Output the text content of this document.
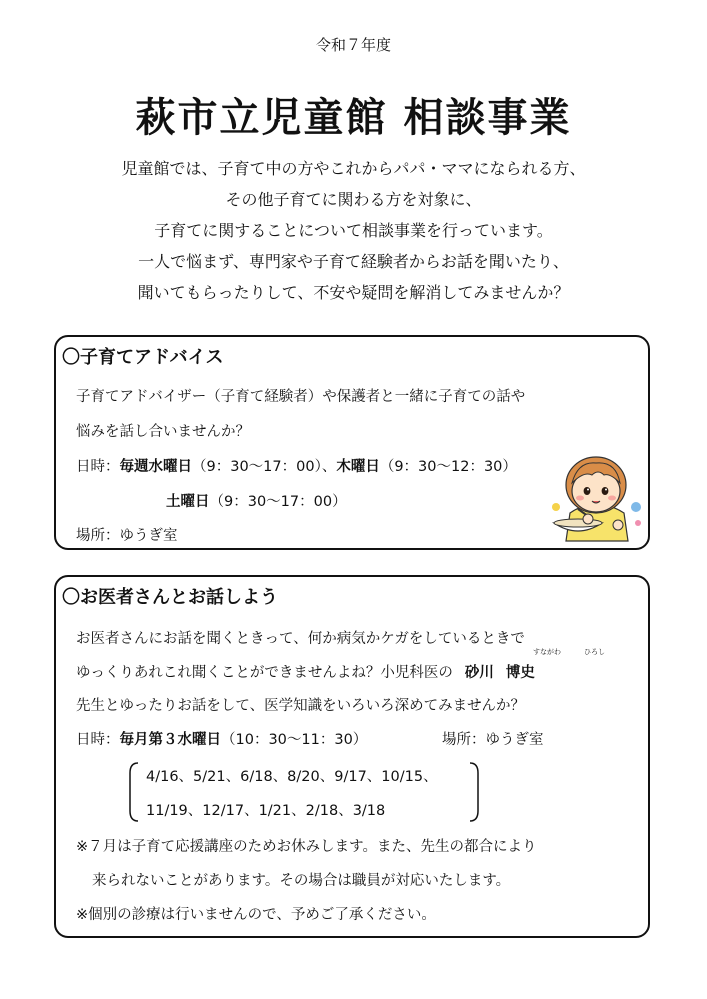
令和７年度
萩市立児童館 相談事業
児童館では、子育て中の方やこれからパパ・ママになられる方、
その他子育てに関わる方を対象に、
子育てに関することについて相談事業を行っています。
一人で悩まず、専門家や子育て経験者からお話を聞いたり、
聞いてもらったりして、不安や疑問を解消してみませんか？
〇子育てアドバイス
子育てアドバイザー（子育て経験者）や保護者と一緒に子育ての話や
悩みを話し合いませんか？
日時：毎週水曜日（9：30〜17：00）、木曜日（9：30〜12：30）
土曜日（9：30〜17：00）
場所：ゆうぎ室
〇お医者さんとお話しよう
お医者さんにお話を聞くときって、何か病気かケガをしているときで
すながわ	ひろし
ゆっくりあれこれ聞くことができませんよね？小児科医の 砂川 博史
先生とゆったりお話をして、医学知識をいろいろ深めてみませんか？
日時：毎月第３水曜日（10：30〜11：30）	場所：ゆうぎ室
4/16、5/21、6/18、8/20、9/17、10/15、
11/19、12/17、1/21、2/18、3/18
※７月は子育て応援講座のためお休みします。また、先生の都合により
来られないことがあります。その場合は職員が対応いたします。
※個別の診療は行いませんので、予めご了承ください。
